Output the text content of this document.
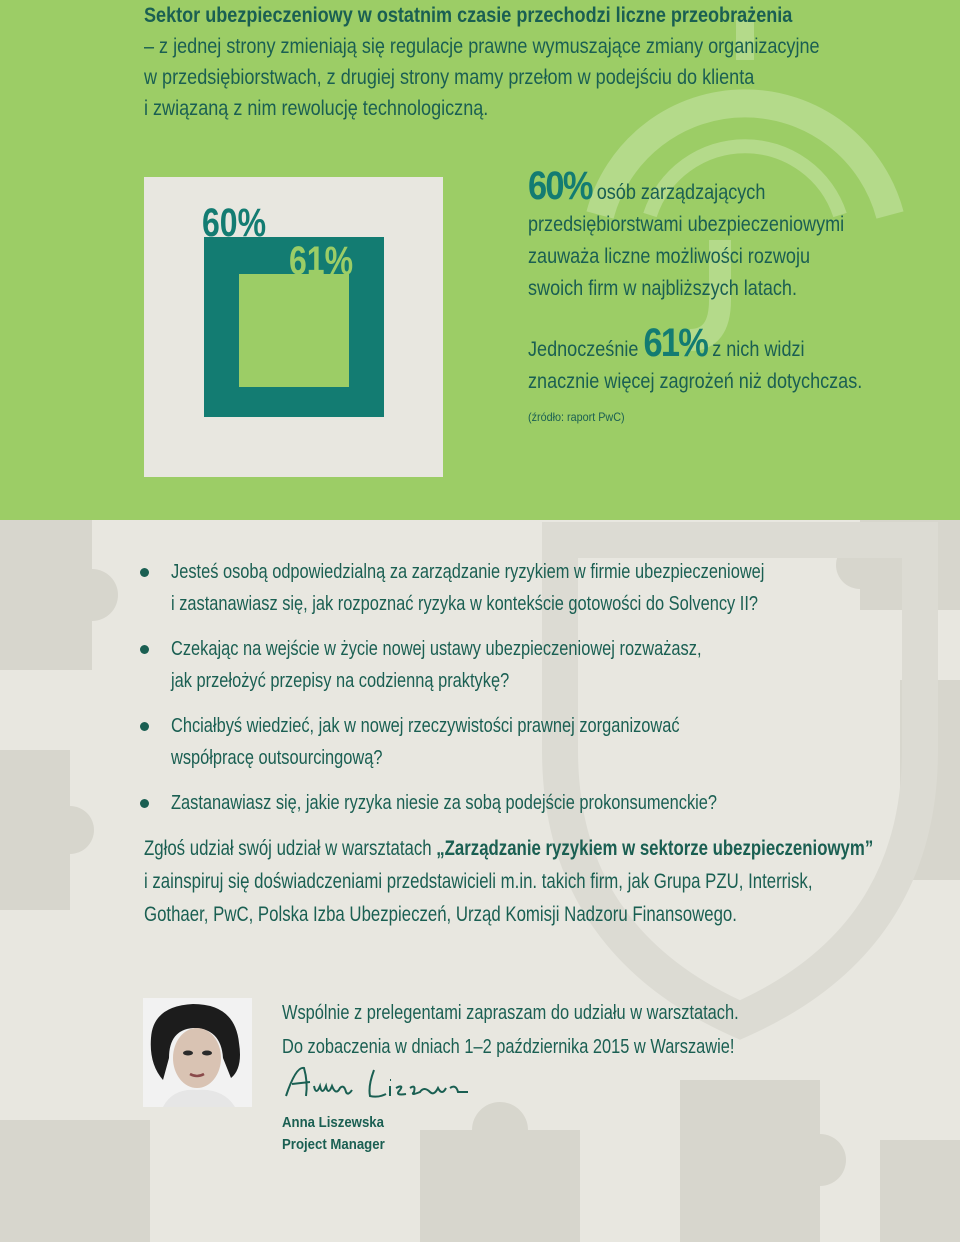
Sektor ubezpieczeniowy w ostatnim czasie przechodzi liczne przeobrażenia
– z jednej strony zmieniają się regulacje prawne wymuszające zmiany organizacyjne
w przedsiębiorstwach, z drugiej strony mamy przełom w podejściu do klienta
i związaną z nim rewolucję technologiczną.
60%
61%
60% osób zarządzających
przedsiębiorstwami ubezpieczeniowymi
zauważa liczne możliwości rozwoju
swoich firm w najbliższych latach.
Jednocześnie 61% z nich widzi
znacznie więcej zagrożeń niż dotychczas.
(źródło: raport PwC)
Jesteś osobą odpowiedzialną za zarządzanie ryzykiem w firmie ubezpieczeniowej
i zastanawiasz się, jak rozpoznać ryzyka w kontekście gotowości do Solvency II?
Czekając na wejście w życie nowej ustawy ubezpieczeniowej rozważasz,
jak przełożyć przepisy na codzienną praktykę?
Chciałbyś wiedzieć, jak w nowej rzeczywistości prawnej zorganizować
współpracę outsourcingową?
Zastanawiasz się, jakie ryzyka niesie za sobą podejście prokonsumenckie?
Zgłoś udział swój udział w warsztatach „Zarządzanie ryzykiem w sektorze ubezpieczeniowym”
i zainspiruj się doświadczeniami przedstawicieli m.in. takich firm, jak Grupa PZU, Interrisk,
Gothaer, PwC, Polska Izba Ubezpieczeń, Urząd Komisji Nadzoru Finansowego.
Wspólnie z prelegentami zapraszam do udziału w warsztatach.
Do zobaczenia w dniach 1–2 października 2015 w Warszawie!
Anna Liszewska
Project Manager
